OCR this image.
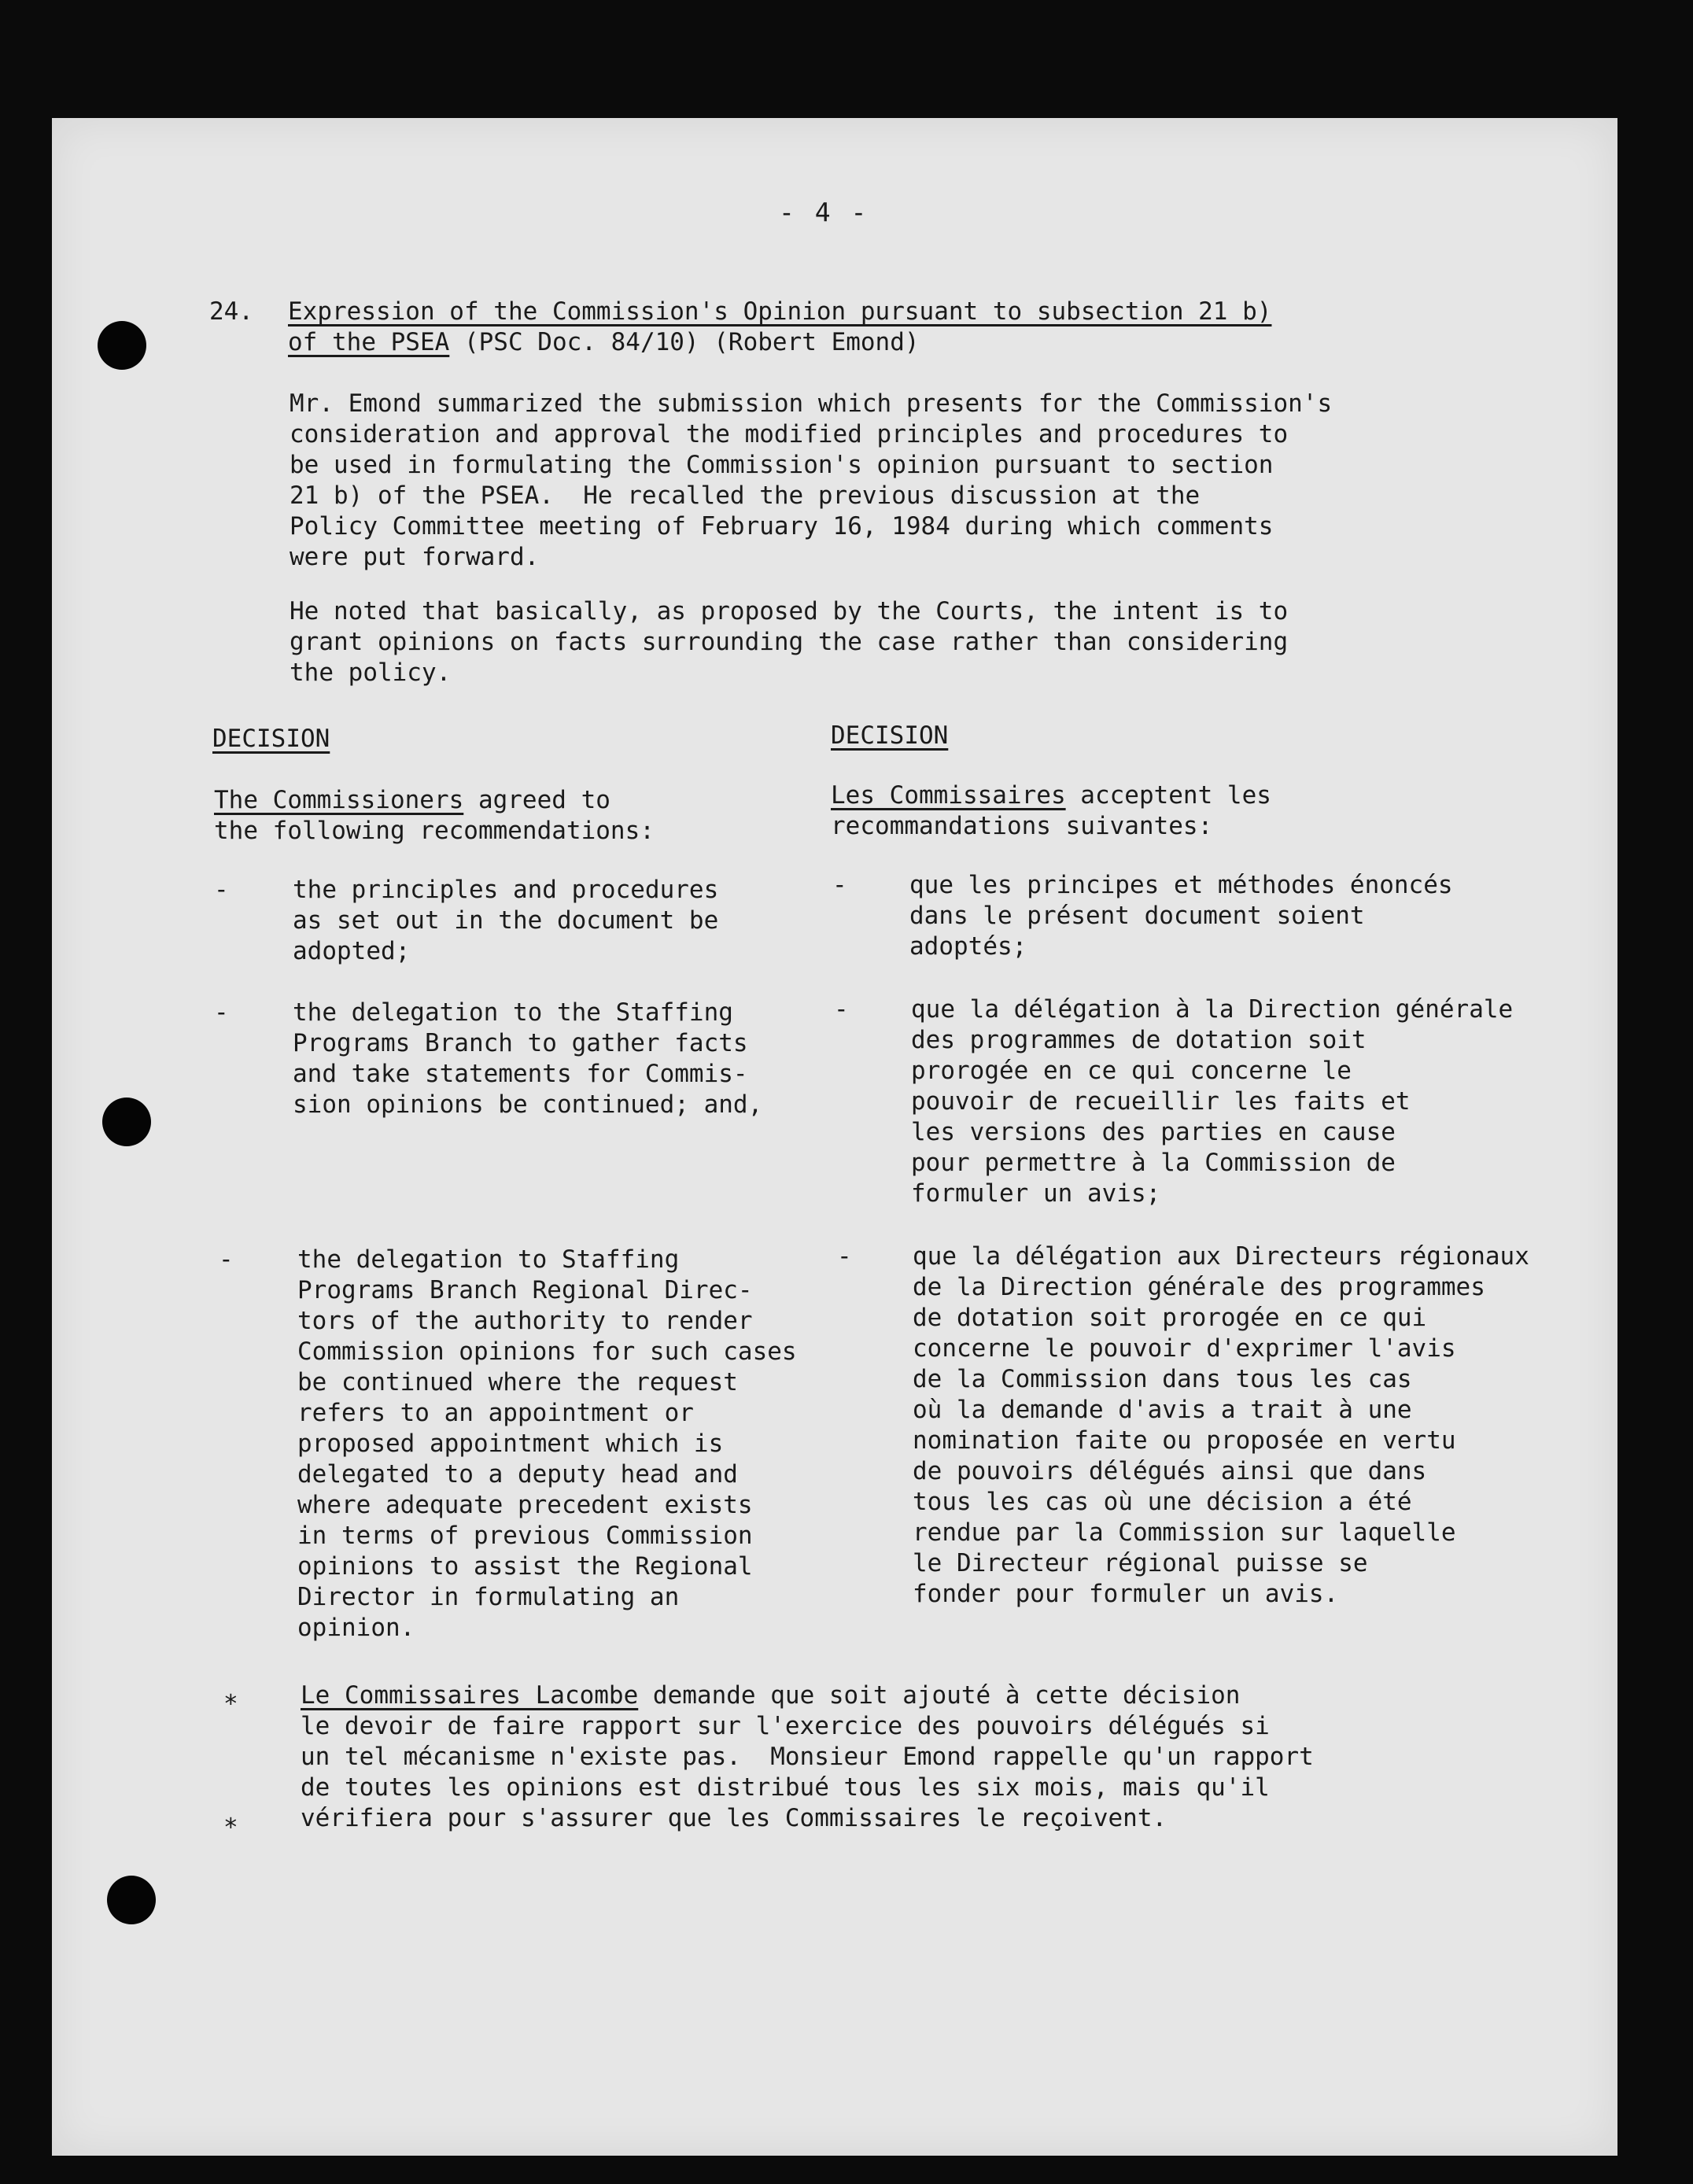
- 4 -
24. Expression of the Commission's Opinion pursuant to subsection 21 b)
of the PSEA (PSC Doc. 84/10) (Robert Emond)
Mr. Emond summarized the submission which presents for the Commission's
consideration and approval the modified principles and procedures to
be used in formulating the Commission's opinion pursuant to section
21 b) of the PSEA.  He recalled the previous discussion at the
Policy Committee meeting of February 16, 1984 during which comments
were put forward.
He noted that basically, as proposed by the Courts, the intent is to
grant opinions on facts surrounding the case rather than considering
the policy.
DECISION
The Commissioners agreed to
the following recommendations:
-	the principles and procedures
as set out in the document be
adopted;
-	the delegation to the Staffing
Programs Branch to gather facts
and take statements for Commis-
sion opinions be continued; and,
-	the delegation to Staffing
Programs Branch Regional Direc-
tors of the authority to render
Commission opinions for such cases
be continued where the request
refers to an appointment or
proposed appointment which is
delegated to a deputy head and
where adequate precedent exists
in terms of previous Commission
opinions to assist the Regional
Director in formulating an
opinion.
DECISION
Les Commissaires acceptent les
recommandations suivantes:
-	que les principes et méthodes énoncés
dans le présent document soient
adoptés;
-	que la délégation à la Direction générale
des programmes de dotation soit
prorogée en ce qui concerne le
pouvoir de recueillir les faits et
les versions des parties en cause
pour permettre à la Commission de
formuler un avis;
- que la délégation aux Directeurs régionaux
de la Direction générale des programmes
de dotation soit prorogée en ce qui
concerne le pouvoir d'exprimer l'avis
de la Commission dans tous les cas
où la demande d'avis a trait à une
nomination faite ou proposée en vertu
de pouvoirs délégués ainsi que dans
tous les cas où une décision a été
rendue par la Commission sur laquelle
le Directeur régional puisse se
fonder pour formuler un avis.
*
*
Le Commissaires Lacombe demande que soit ajouté à cette décision
le devoir de faire rapport sur l'exercice des pouvoirs délégués si
un tel mécanisme n'existe pas.  Monsieur Emond rappelle qu'un rapport
de toutes les opinions est distribué tous les six mois, mais qu'il
vérifiera pour s'assurer que les Commissaires le reçoivent.
